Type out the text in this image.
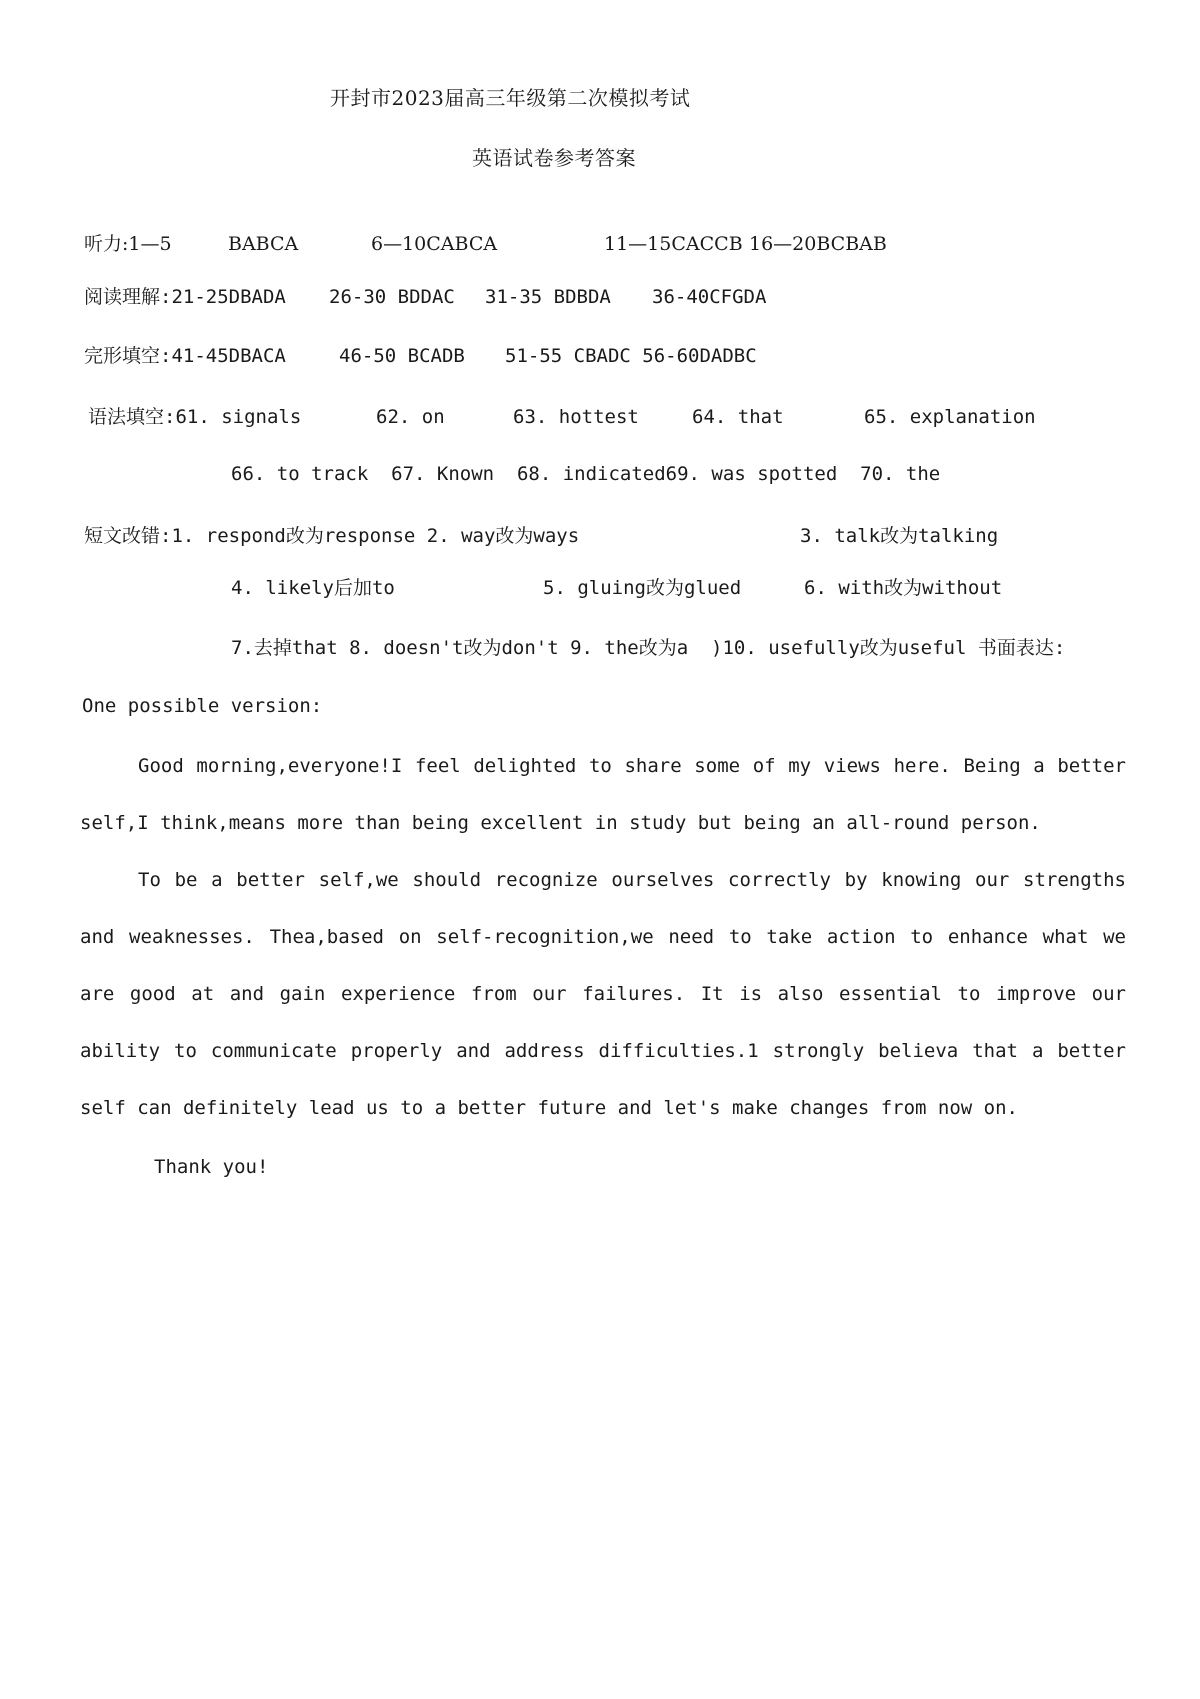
开封市2023届高三年级第二次模拟考试
英语试卷参考答案

听力:1—5

	BABCA

	6—10CABCA

	11—15CACCB

16—20BCBAB

阅读理解:21-25DBADA

26-30 BDDAC

31-35 BDBDA

36-40CFGDA

完形填空:41-45DBACA

	46-50 BCADB

51-55 CBADC 56-60DADBC

语法填空:61. signals

	62. on

	63. hottest

	64. that

	65. explanation

66. to track  67. Known  68. indicated69. was spotted  70. the

短文改错:1. respond改为response 2. way改为ways

	3. talk改为talking

4. likely后加to

	5. gluing改为glued

	6. with改为without

7.去掉that 8. doesn't改为don't 9. the改为a  )10. usefully改为useful 书面表达:
One possible version:
Good morning,everyone!I feel delighted to share some of my views here. Being a better self,I think,means more than being excellent in study but being an all-round person.
To be a better self,we should recognize ourselves correctly by knowing our strengths and weaknesses. Thea,based on self-recognition,we need to take action to enhance what we are good at and gain experience from our failures. It is also essential to improve our ability to communicate properly and address difficulties.1 strongly believa that a better self can definitely lead us to a better future and let's make changes from now on.
Thank you!
